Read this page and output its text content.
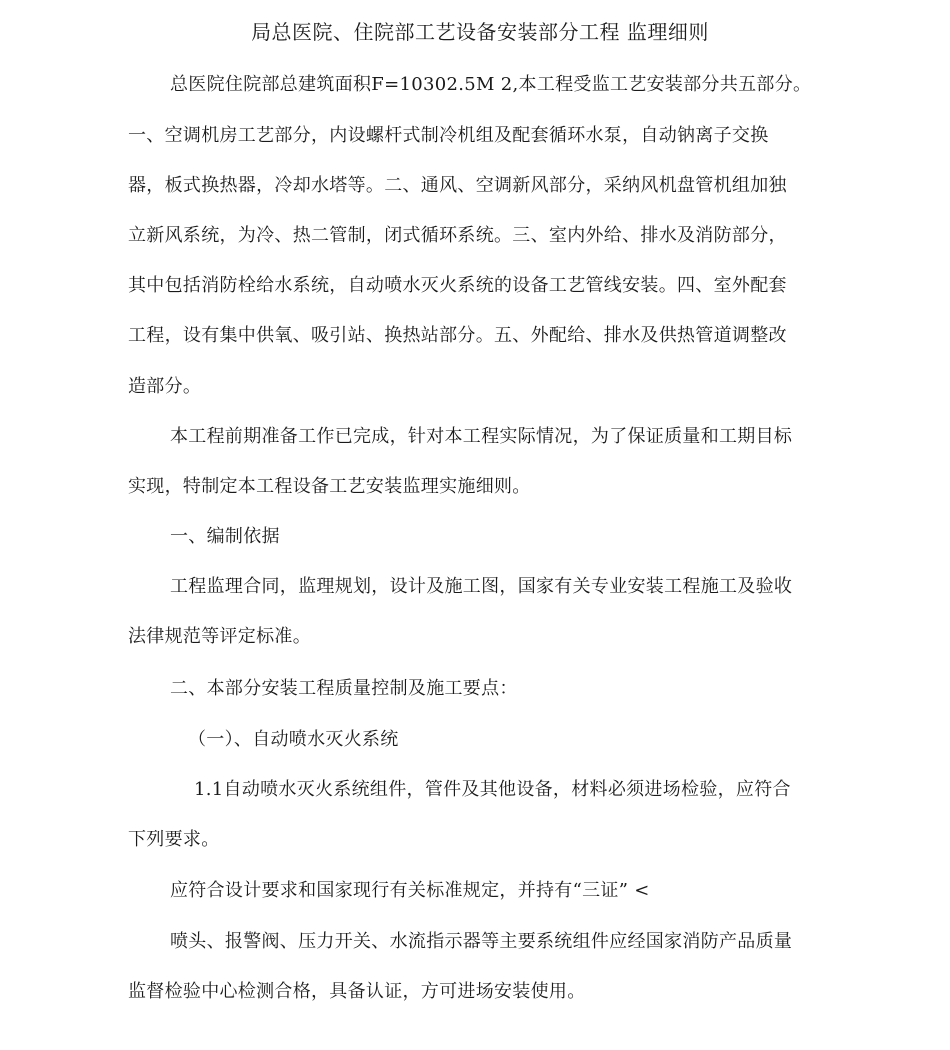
局总医院、住院部工艺设备安装部分工程 监理细则
总医院住院部总建筑面积F=10302.5M 2,本工程受监工艺安装部分共五部分。
一、空调机房工艺部分，内设螺杆式制冷机组及配套循环水泵，自动钠离子交换
器，板式换热器，冷却水塔等。二、通风、空调新风部分，采纳风机盘管机组加独
立新风系统，为冷、热二管制，闭式循环系统。三、室内外给、排水及消防部分，
其中包括消防栓给水系统，自动喷水灭火系统的设备工艺管线安装。四、室外配套
工程，设有集中供氧、吸引站、换热站部分。五、外配给、排水及供热管道调整改
造部分。
本工程前期准备工作已完成，针对本工程实际情况，为了保证质量和工期目标
实现，特制定本工程设备工艺安装监理实施细则。
一、编制依据
工程监理合同，监理规划，设计及施工图，国家有关专业安装工程施工及验收
法律规范等评定标准。
二、本部分安装工程质量控制及施工要点：
（一）、自动喷水灭火系统
1.1自动喷水灭火系统组件，管件及其他设备，材料必须进场检验，应符合
下列要求。
应符合设计要求和国家现行有关标准规定，并持有“三证” <
喷头、报警阀、压力开关、水流指示器等主要系统组件应经国家消防产品质量
监督检验中心检测合格，具备认证，方可进场安装使用。
